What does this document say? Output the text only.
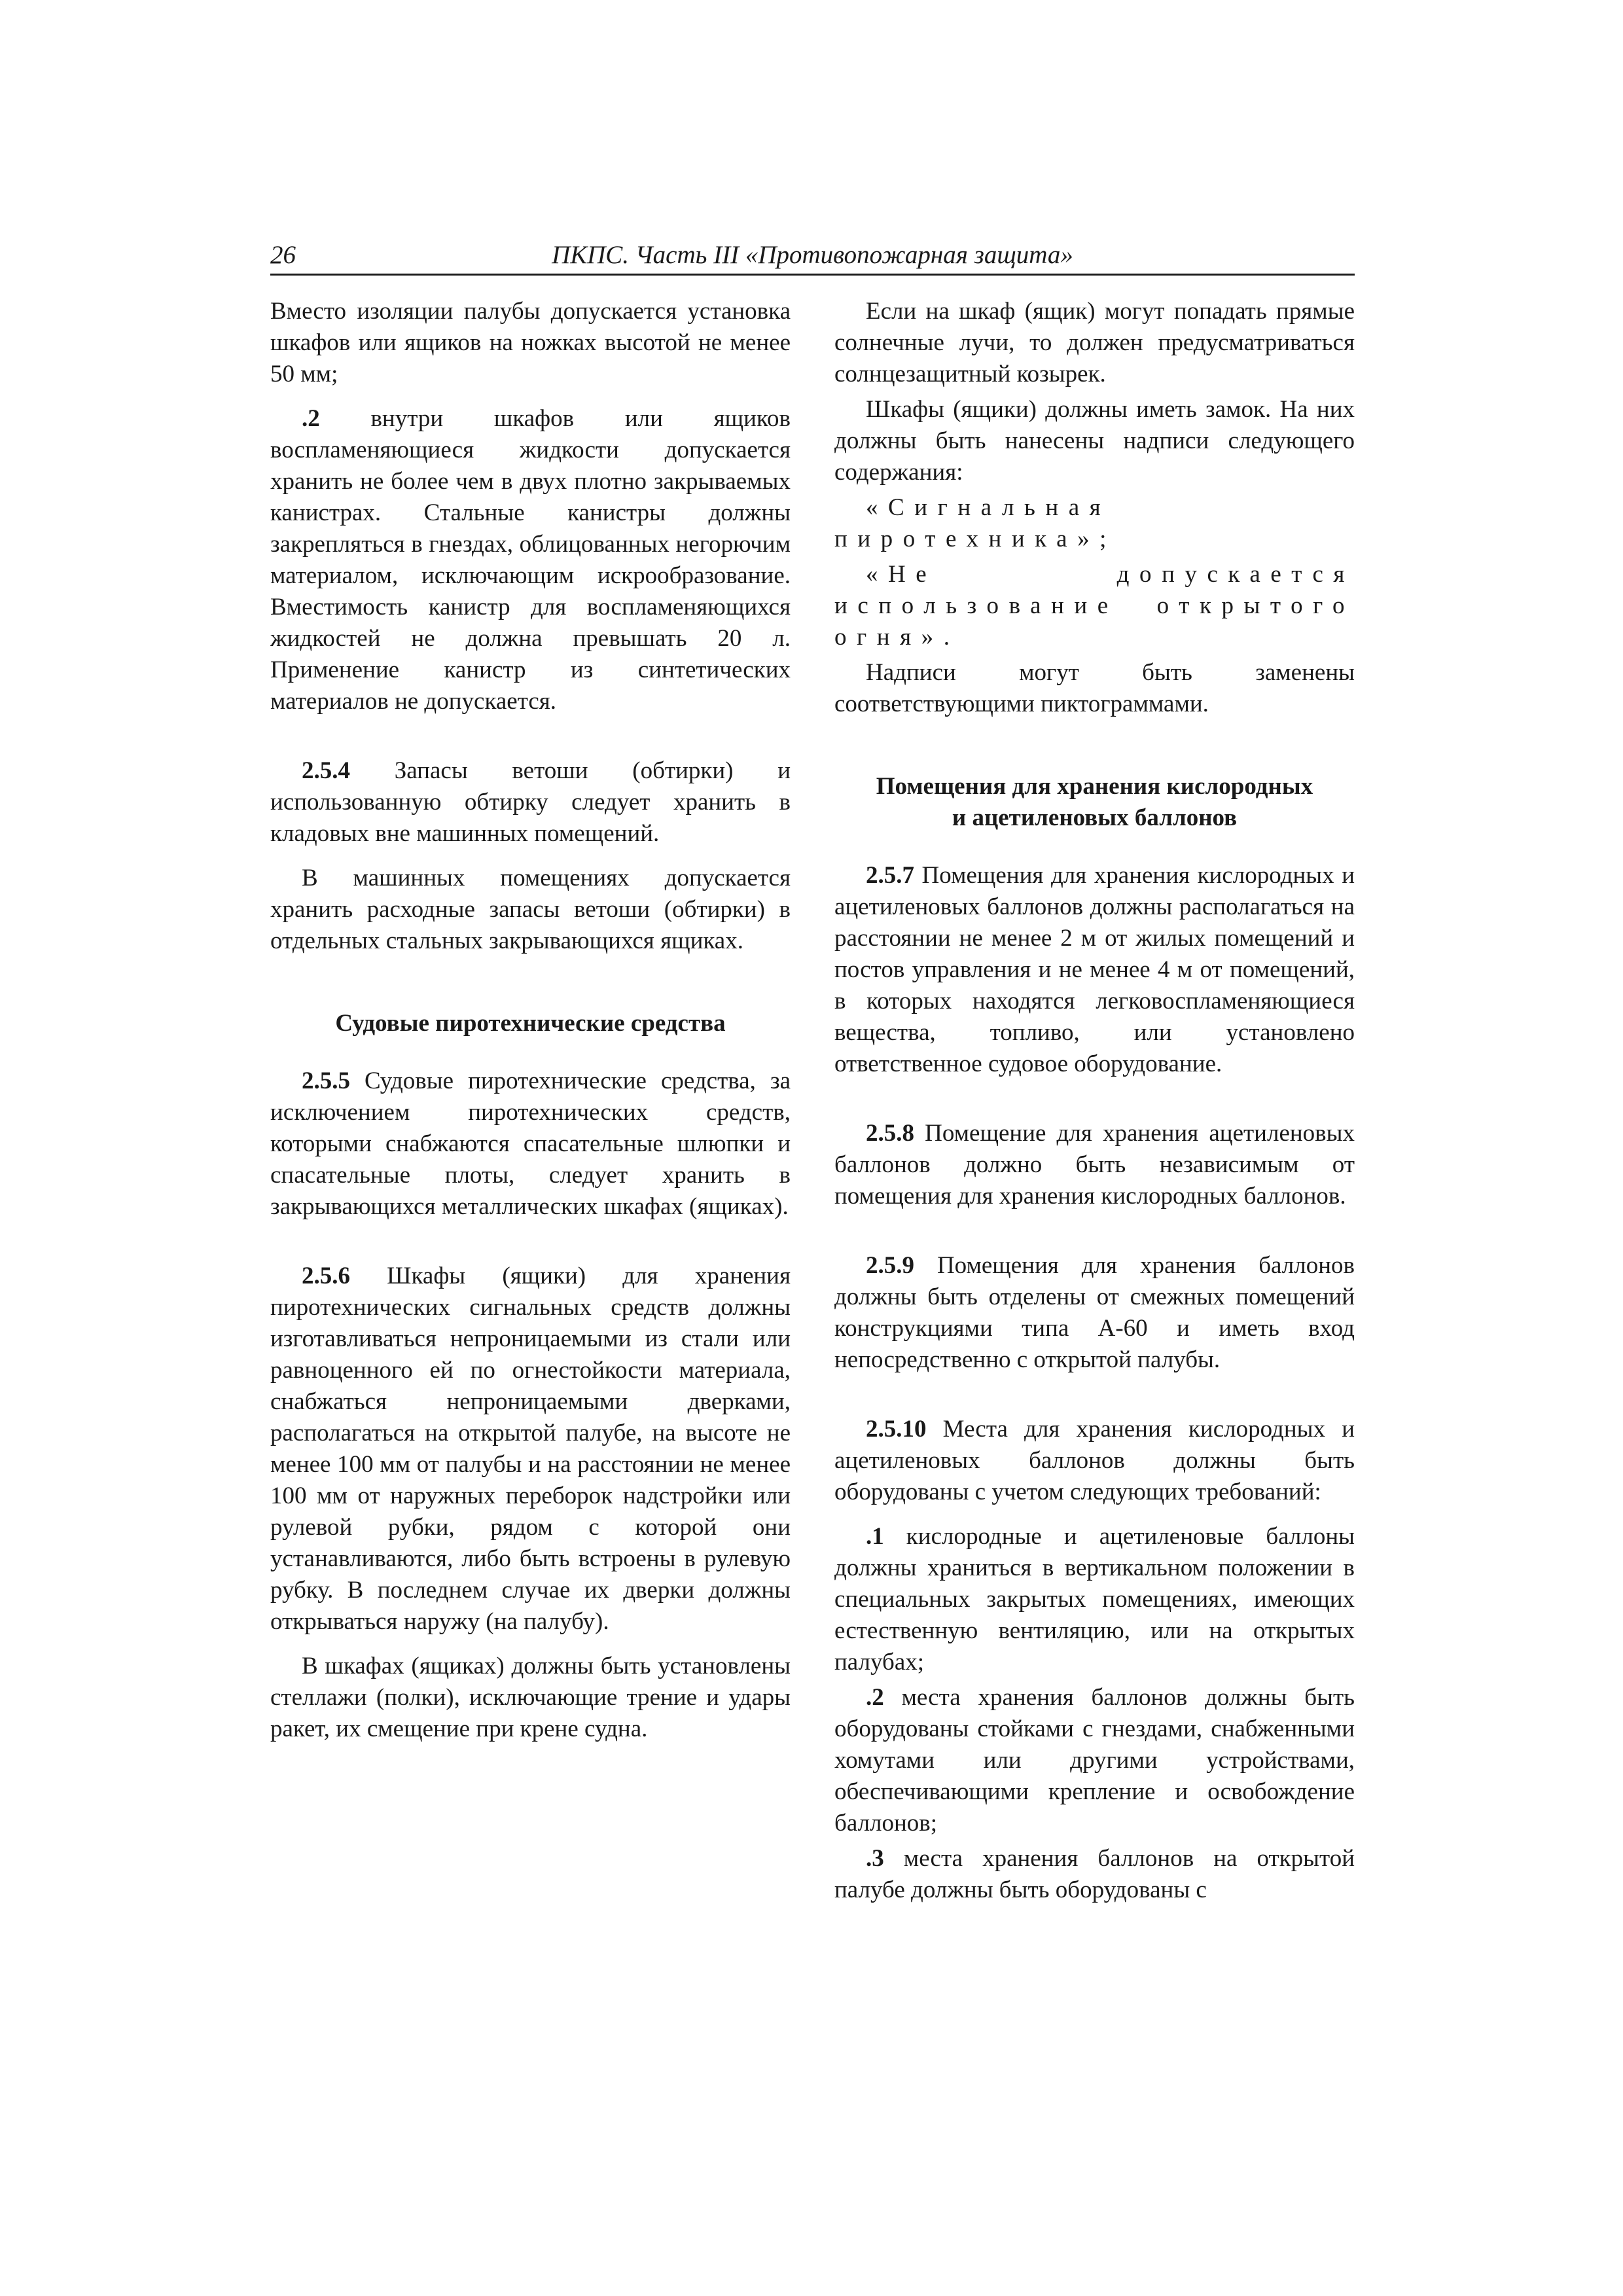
26	ПКПС. Часть III «Противопожарная защита»

Вместо изоляции палубы допускается установка шкафов или ящиков на ножках высотой не менее 50 мм;

.2 внутри шкафов или ящиков воспламеняющиеся жидкости допускается хранить не более чем в двух плотно закрываемых канистрах. Стальные канистры должны закрепляться в гнездах, облицованных негорючим материалом, исключающим искрообразование. Вместимость канистр для воспламеняющихся жидкостей не должна превышать 20 л. Применение канистр из синтетических материалов не допускается.

2.5.4 Запасы ветоши (обтирки) и использованную обтирку следует хранить в кладовых вне машинных помещений.

В машинных помещениях допускается хранить расходные запасы ветоши (обтирки) в отдельных стальных закрывающихся ящиках.

Судовые пиротехнические средства

2.5.5 Судовые пиротехнические средства, за исключением пиротехнических средств, которыми снабжаются спасательные шлюпки и спасательные плоты, следует хранить в закрывающихся металлических шкафах (ящиках).

2.5.6 Шкафы (ящики) для хранения пиротехнических сигнальных средств должны изготавливаться непроницаемыми из стали или равноценного ей по огнестойкости материала, снабжаться непроницаемыми дверками, располагаться на открытой палубе, на высоте не менее 100 мм от палубы и на расстоянии не менее 100 мм от наружных переборок надстройки или рулевой рубки, рядом с которой они устанавливаются, либо быть встроены в рулевую рубку. В последнем случае их дверки должны открываться наружу (на палубу).

В шкафах (ящиках) должны быть установлены стеллажи (полки), исключающие трение и удары ракет, их смещение при крене судна.

Если на шкаф (ящик) могут попадать прямые солнечные лучи, то должен предусматриваться солнцезащитный козырек.

Шкафы (ящики) должны иметь замок. На них должны быть нанесены надписи следующего содержания:

«Сигнальная пиротехника»;

«Не допускается использование открытого огня».

Надписи могут быть заменены соответствующими пиктограммами.

Помещения для хранения кислородных
и ацетиленовых баллонов

2.5.7 Помещения для хранения кислородных и ацетиленовых баллонов должны располагаться на расстоянии не менее 2 м от жилых помещений и постов управления и не менее 4 м от помещений, в которых находятся легковоспламеняющиеся вещества, топливо, или установлено ответственное судовое оборудование.

2.5.8 Помещение для хранения ацетиленовых баллонов должно быть независимым от помещения для хранения кислородных баллонов.

2.5.9 Помещения для хранения баллонов должны быть отделены от смежных помещений конструкциями типа А-60 и иметь вход непосредственно с открытой палубы.

2.5.10 Места для хранения кислородных и ацетиленовых баллонов должны быть оборудованы с учетом следующих требований:

.1 кислородные и ацетиленовые баллоны должны храниться в вертикальном положении в специальных закрытых помещениях, имеющих естественную вентиляцию, или на открытых палубах;

.2 места хранения баллонов должны быть оборудованы стойками с гнездами, снабженными хомутами или другими устройствами, обеспечивающими крепление и освобождение баллонов;

.3 места хранения баллонов на открытой палубе должны быть оборудованы с
